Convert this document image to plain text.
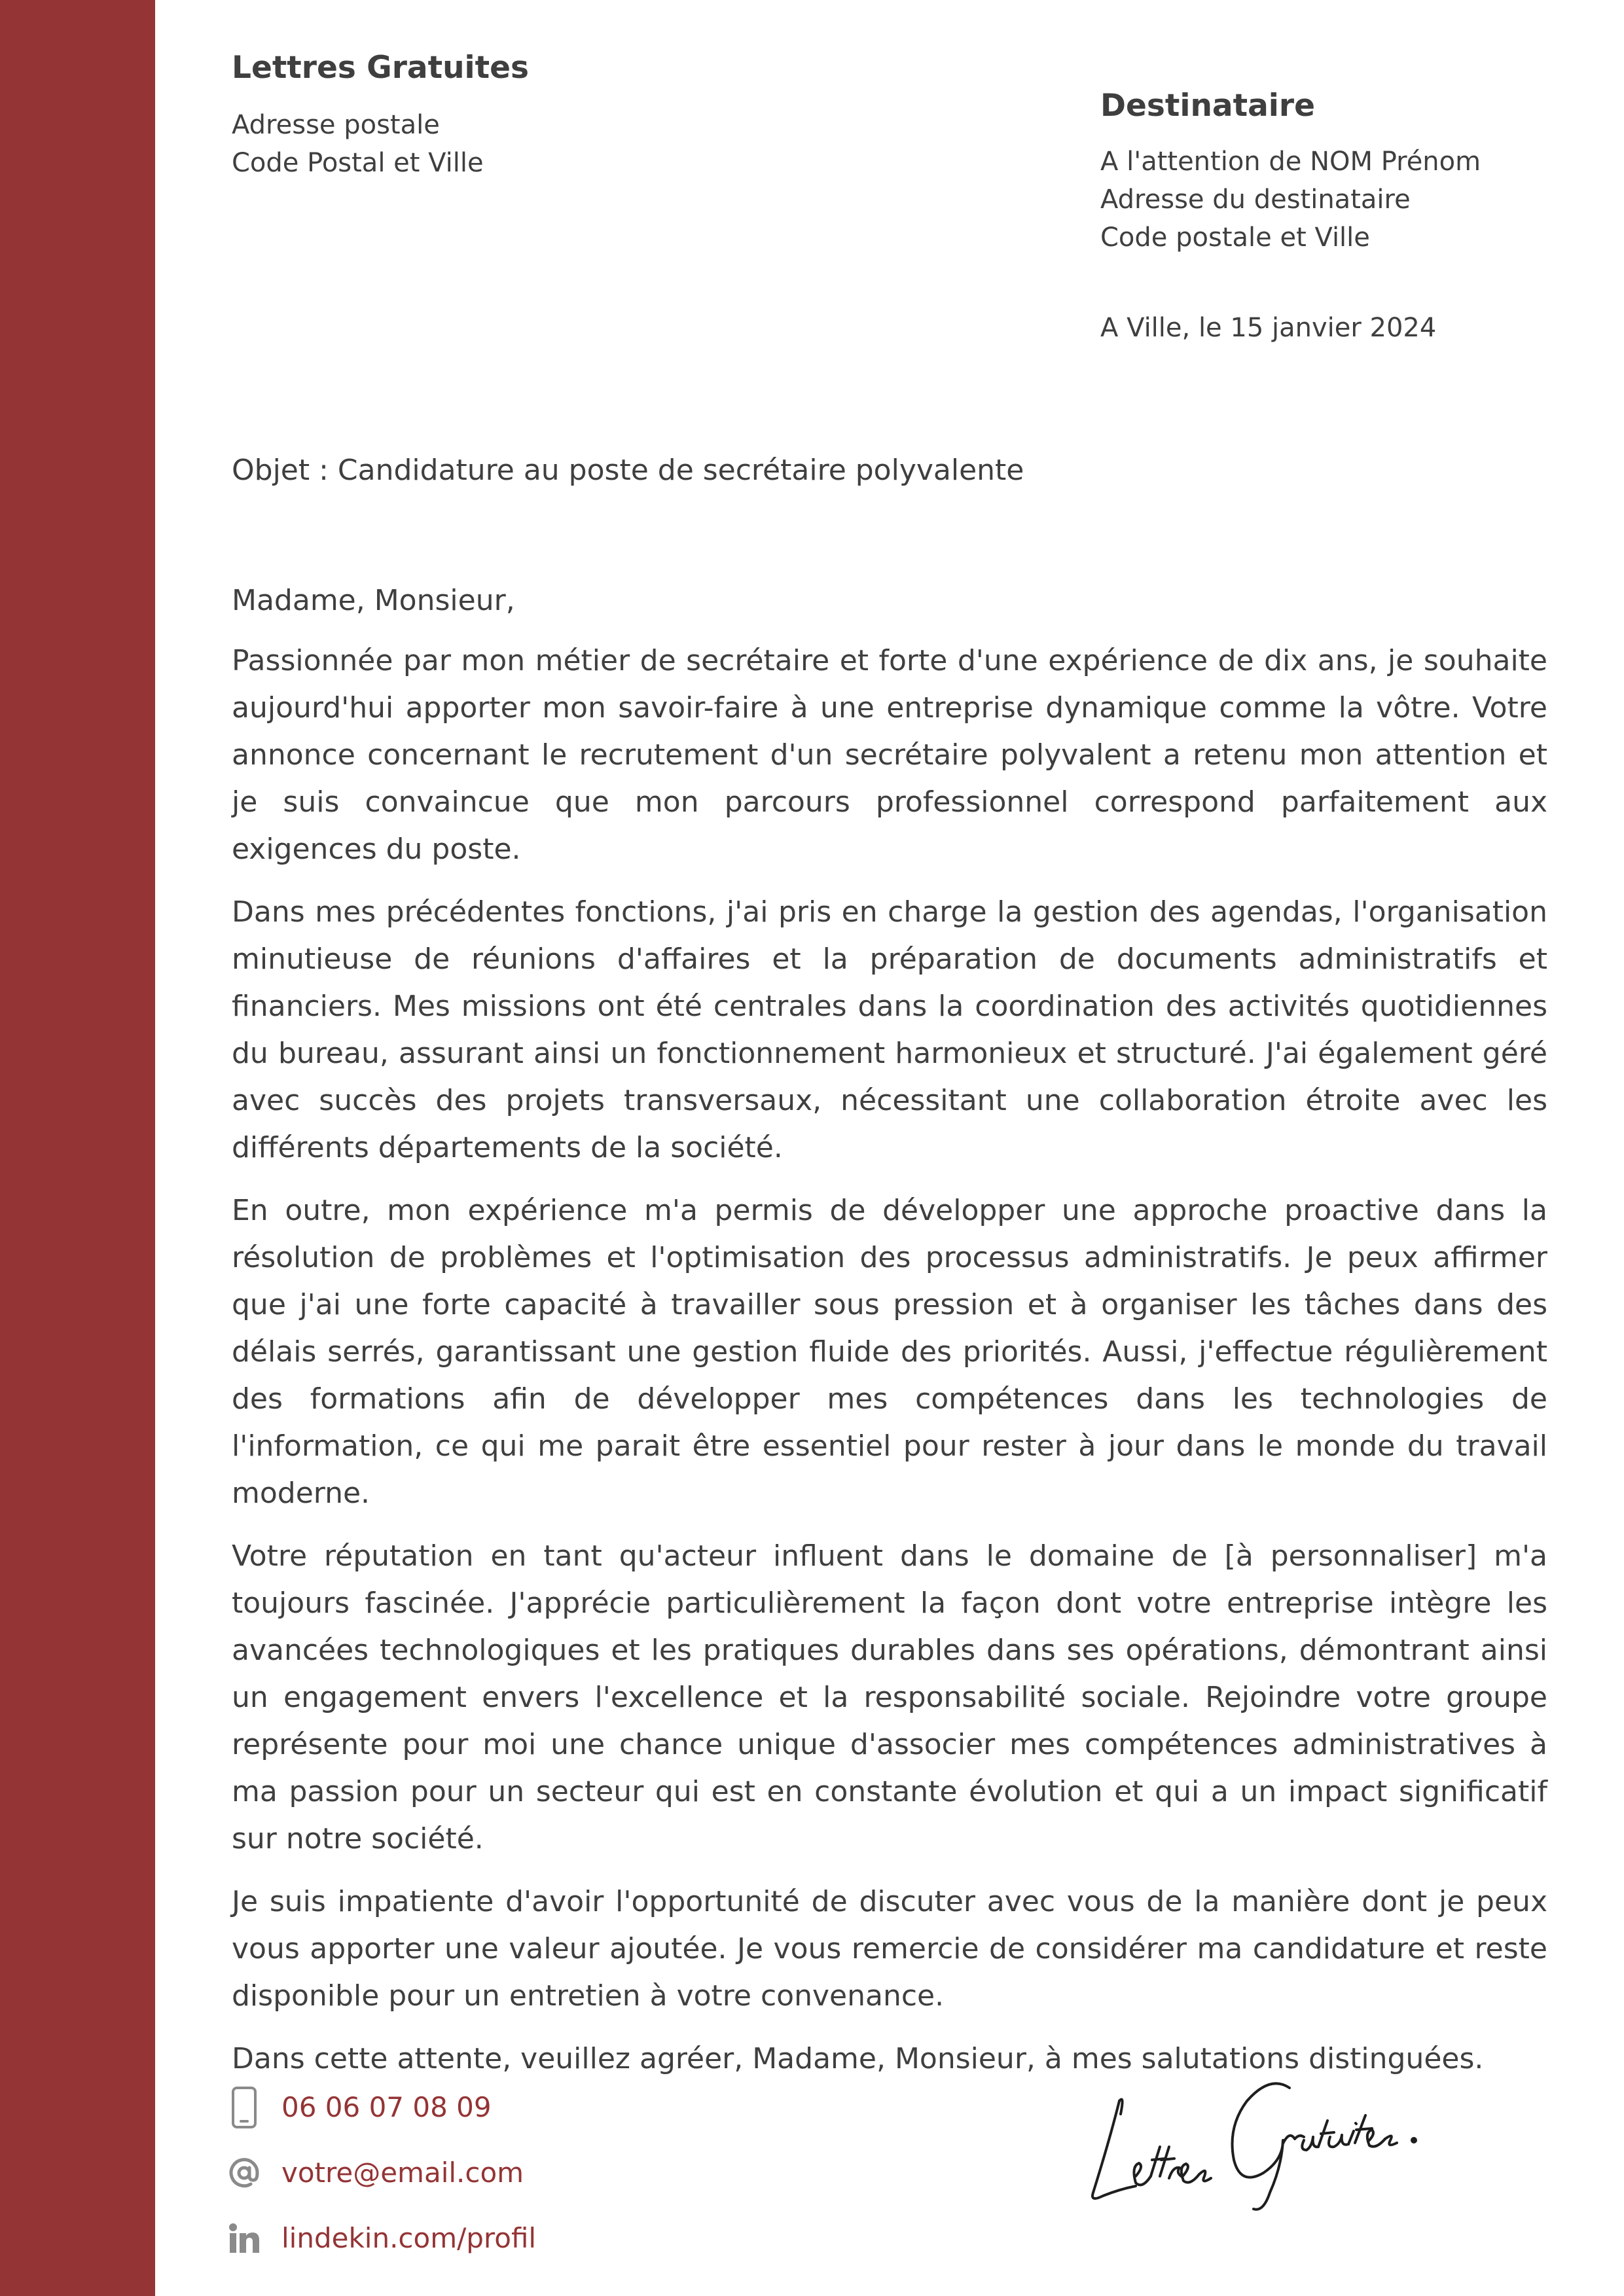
Lettres Gratuites
Adresse postale
Code Postal et Ville
Destinataire
A l'attention de NOM Prénom
Adresse du destinataire
Code postale et Ville
A Ville, le 15 janvier 2024
Objet : Candidature au poste de secrétaire polyvalente

Madame, Monsieur,

Passionnée par mon métier de secrétaire et forte d'une expérience de dix ans, je souhaite aujourd'hui apporter mon savoir-faire à une entreprise dynamique comme la vôtre. Votre annonce concernant le recrutement d'un secrétaire polyvalent a retenu mon attention et je suis convaincue que mon parcours professionnel correspond parfaitement aux exigences du poste.

Dans mes précédentes fonctions, j'ai pris en charge la gestion des agendas, l'organisation minutieuse de réunions d'affaires et la préparation de documents administratifs et financiers. Mes missions ont été centrales dans la coordination des activités quotidiennes du bureau, assurant ainsi un fonctionnement harmonieux et structuré. J'ai également géré avec succès des projets transversaux, nécessitant une collaboration étroite avec les différents départements de la société.

En outre, mon expérience m'a permis de développer une approche proactive dans la résolution de problèmes et l'optimisation des processus administratifs. Je peux affirmer que j'ai une forte capacité à travailler sous pression et à organiser les tâches dans des délais serrés, garantissant une gestion fluide des priorités. Aussi, j'effectue régulièrement des formations afin de développer mes compétences dans les technologies de l'information, ce qui me parait être essentiel pour rester à jour dans le monde du travail moderne.

Votre réputation en tant qu'acteur influent dans le domaine de [à personnaliser] m'a toujours fascinée. J'apprécie particulièrement la façon dont votre entreprise intègre les avancées technologiques et les pratiques durables dans ses opérations, démontrant ainsi un engagement envers l'excellence et la responsabilité sociale. Rejoindre votre groupe représente pour moi une chance unique d'associer mes compétences administratives à ma passion pour un secteur qui est en constante évolution et qui a un impact significatif sur notre société.

Je suis impatiente d'avoir l'opportunité de discuter avec vous de la manière dont je peux vous apporter une valeur ajoutée. Je vous remercie de considérer ma candidature et reste disponible pour un entretien à votre convenance.

Dans cette attente, veuillez agréer, Madame, Monsieur, à mes salutations distinguées.

06 06 07 08 09
votre@email.com
lindekin.com/profil
